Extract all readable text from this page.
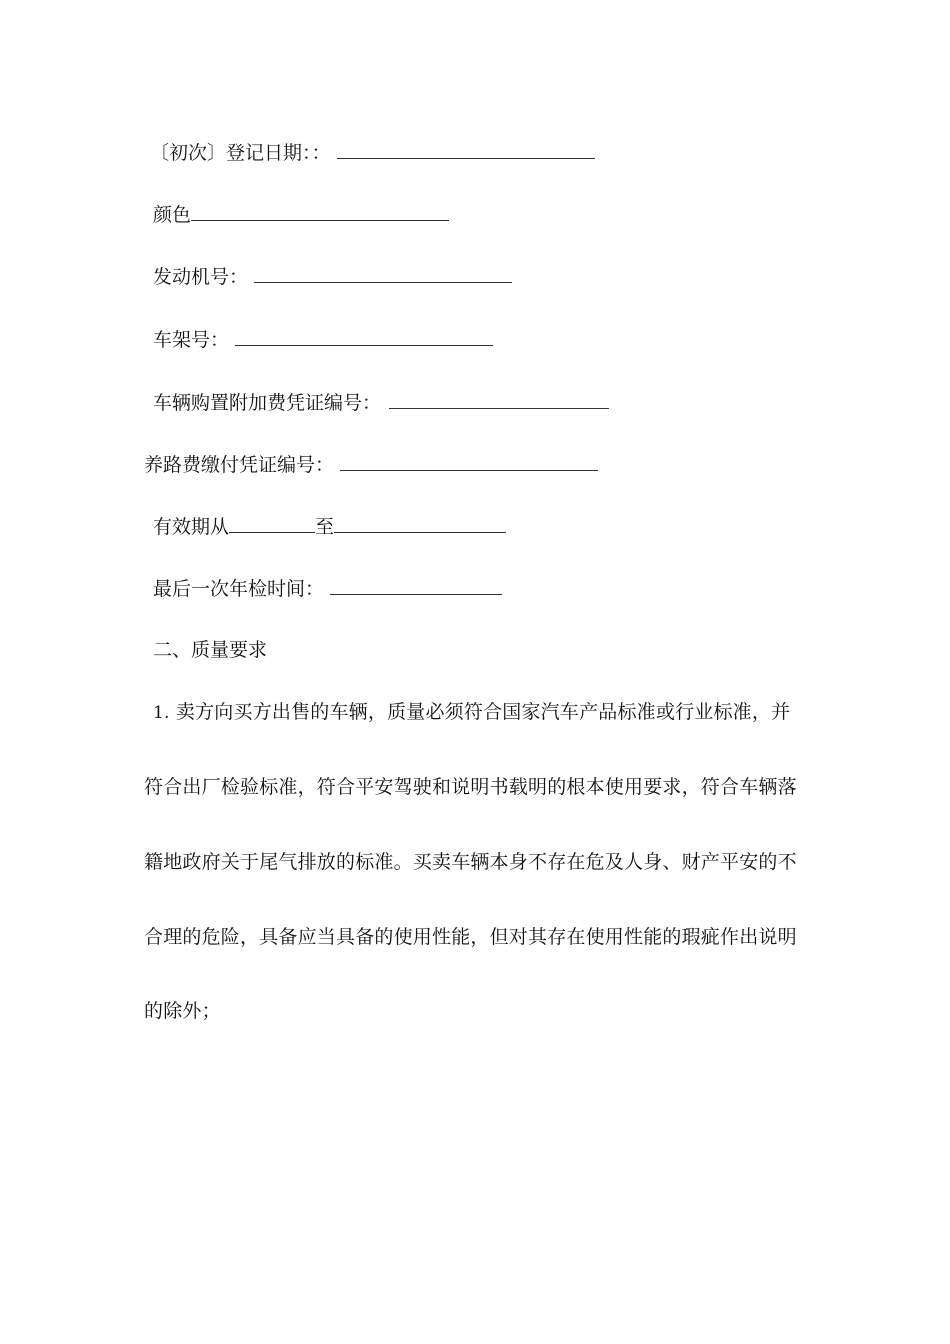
〔初次〕登记日期：：
颜色
发动机号：
车架号：
车辆购置附加费凭证编号：
养路费缴付凭证编号：
有效期从	至
最后一次年检时间：
二、质量要求
1. 卖方向买方出售的车辆，质量必须符合国家汽车产品标准或行业标准，并
符合出厂检验标准，符合平安驾驶和说明书载明的根本使用要求，符合车辆落
籍地政府关于尾气排放的标准。买卖车辆本身不存在危及人身、财产平安的不
合理的危险，具备应当具备的使用性能，但对其存在使用性能的瑕疵作出说明
的除外；
